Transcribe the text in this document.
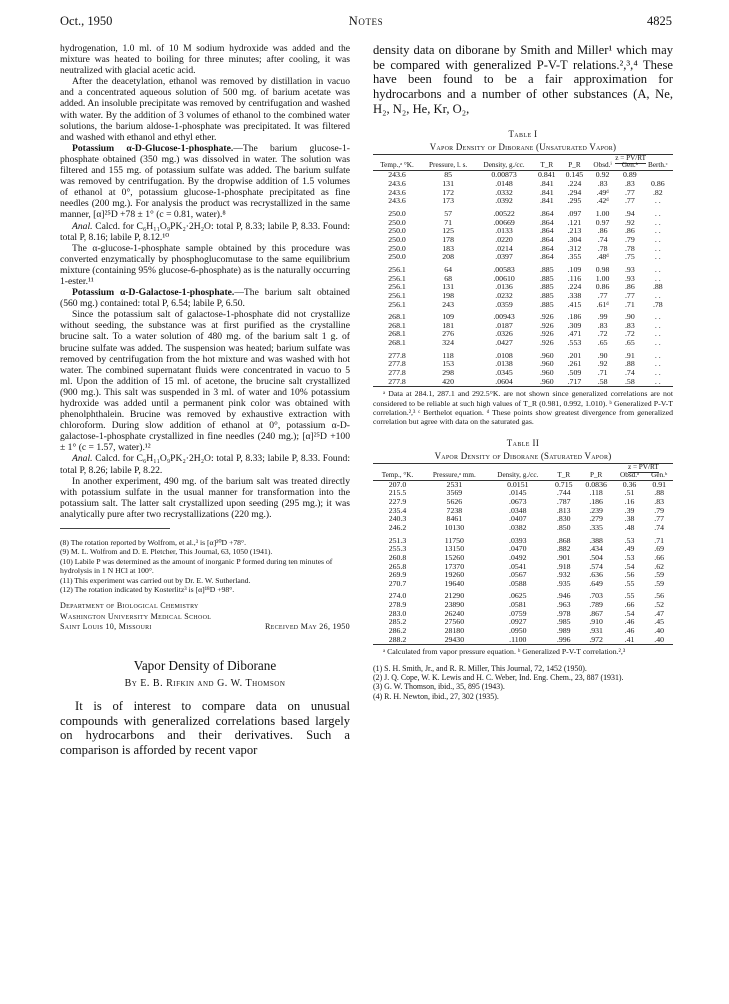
Oct., 1950	Notes	4825

hydrogenation, 1.0 ml. of 10 M sodium hydroxide was added and the mixture was heated to boiling for three minutes; after cooling, it was neutralized with glacial acetic acid.

After the deacetylation, ethanol was removed by distillation in vacuo and a concentrated aqueous solution of 500 mg. of barium acetate was added. An insoluble precipitate was removed by centrifugation and washed with water. By the addition of 3 volumes of ethanol to the combined water solutions, the barium aldose-1-phosphate was precipitated. It was filtered and washed with ethanol and ethyl ether.

Potassium α-D-Glucose-1-phosphate.—The barium glucose-1-phosphate obtained (350 mg.) was dissolved in water. The solution was filtered and 155 mg. of potassium sulfate was added. The barium sulfate was removed by centrifugation. By the dropwise addition of 1.5 volumes of ethanol at 0°, potassium glucose-1-phosphate precipitated as fine needles (200 mg.). For analysis the product was recrystallized in the same manner, [α]²⁵D +78 ± 1° (c = 0.81, water).⁸

Anal. Calcd. for C₆H₁₁O₉PK₂·2H₂O: total P, 8.33; labile P, 8.33. Found: total P, 8.16; labile P, 8.12.¹⁰

The α-glucose-1-phosphate sample obtained by this procedure was converted enzymatically by phosphoglucomutase to the same equilibrium mixture (containing 95% glucose-6-phosphate) as is the naturally occurring 1-ester.¹¹

Potassium α-D-Galactose-1-phosphate.—The barium salt obtained (560 mg.) contained: total P, 6.54; labile P, 6.50.

Since the potassium salt of galactose-1-phosphate did not crystallize without seeding, the substance was at first purified as the crystalline brucine salt. To a water solution of 480 mg. of the barium salt 1 g. of brucine sulfate was added. The suspension was heated; barium sulfate was removed by centrifugation from the hot mixture and was washed with hot water. The combined supernatant fluids were concentrated in vacuo to 5 ml. Upon the addition of 15 ml. of acetone, the brucine salt crystallized (900 mg.). This salt was suspended in 3 ml. of water and 10% potassium hydroxide was added until a permanent pink color was obtained with phenolphthalein. Brucine was removed by exhaustive extraction with chloroform. During slow addition of ethanol at 0°, potassium α-D-galactose-1-phosphate crystallized in fine needles (240 mg.); [α]²⁵D +100 ± 1° (c = 1.57, water).¹²

Anal. Calcd. for C₆H₁₁O₉PK₂·2H₂O: total P, 8.33; labile P, 8.33. Found: total P, 8.26; labile P, 8.22.

In another experiment, 490 mg. of the barium salt was treated directly with potassium sulfate in the usual manner for transformation into the potassium salt. The latter salt crystallized upon seeding (295 mg.); it was analytically pure after two recrystallizations (220 mg.).

(8) The rotation reported by Wolfrom, et al.,³ is [α]²⁰D +78°.

(9) M. L. Wolfrom and D. E. Pletcher, This Journal, 63, 1050 (1941).

(10) Labile P was determined as the amount of inorganic P formed during ten minutes of hydrolysis in 1 N HCl at 100°.

(11) This experiment was carried out by Dr. E. W. Sutherland.

(12) The rotation indicated by Kosterlitz³ is [α]¹⁸D +98°.

Department of Biological Chemistry
Washington University Medical School
Saint Louis 10, Missouri	Received May 26, 1950
Vapor Density of Diborane
By E. B. Rifkin and G. W. Thomson

It is of interest to compare data on unusual compounds with generalized correlations based largely on hydrocarbons and their derivatives. Such a comparison is afforded by recent vapor

density data on diborane by Smith and Miller¹ which may be compared with generalized P-V-T relations.²,³,⁴ These have been found to be a fair approximation for hydrocarbons and a number of other substances (A, Ne, H₂, N₂, He, Kr, O₂,

Table I
Vapor Density of Diborane (Unsaturated Vapor)
					z = PV/RT		
Temp.,ᵃ °K.	Pressure, l. s.	Density, g./cc.	T_R	P_R	Obsd.ⁱ	Gen.ᵇ	Berth.ᶜ
243.6	85	0.00873	0.841	0.145	0.92	0.89	
243.6	131	.0148	.841	.224	.83	.83	0.86
243.6	172	.0332	.841	.294	.49ᵈ	.77	.82
243.6	173	.0392	.841	.295	.42ᵈ	.77	. .
250.0	57	.00522	.864	.097	1.00	.94	. .
250.0	71	.00669	.864	.121	0.97	.92	. .
250.0	125	.0133	.864	.213	.86	.86	. .
250.0	178	.0220	.864	.304	.74	.79	. .
250.0	183	.0214	.864	.312	.78	.78	. .
250.0	208	.0397	.864	.355	.48ᵈ	.75	. .
256.1	64	.00583	.885	.109	0.98	.93	. .
256.1	68	.00610	.885	.116	1.00	.93	. .
256.1	131	.0136	.885	.224	0.86	.86	.88
256.1	198	.0232	.885	.338	.77	.77	. .
256.1	243	.0359	.885	.415	.61ᵈ	.71	.78
268.1	109	.00943	.926	.186	.99	.90	. .
268.1	181	.0187	.926	.309	.83	.83	. .
268.1	276	.0326	.926	.471	.72	.72	. .
268.1	324	.0427	.926	.553	.65	.65	. .
277.8	118	.0108	.960	.201	.90	.91	. .
277.8	153	.0138	.960	.261	.92	.88	. .
277.8	298	.0345	.960	.509	.71	.74	. .
277.8	420	.0604	.960	.717	.58	.58	. .

ᵃ Data at 284.1, 287.1 and 292.5°K. are not shown since generalized correlations are not considered to be reliable at such high values of T_R (0.981, 0.992, 1.010). ᵇ Generalized P-V-T correlation.²,³ ᶜ Berthelot equation. ᵈ These points show greatest divergence from generalized correlation but agree with data on the saturated gas.

Table II
Vapor Density of Diborane (Saturated Vapor)
					z = PV/RT	
Temp., °K.	Pressure,ᵃ mm.	Density, g./cc.	T_R	P_R	Obsd.ᵃ	Gen.ᵇ
207.0	2531	0.0151	0.715	0.0836	0.36	0.91
215.5	3569	.0145	.744	.118	.51	.88
227.9	5626	.0673	.787	.186	.16	.83
235.4	7238	.0348	.813	.239	.39	.79
240.3	8461	.0407	.830	.279	.38	.77
246.2	10130	.0382	.850	.335	.48	.74
251.3	11750	.0393	.868	.388	.53	.71
255.3	13150	.0470	.882	.434	.49	.69
260.8	15260	.0492	.901	.504	.53	.66
265.8	17370	.0541	.918	.574	.54	.62
269.9	19260	.0567	.932	.636	.56	.59
270.7	19640	.0588	.935	.649	.55	.59
274.0	21290	.0625	.946	.703	.55	.56
278.9	23890	.0581	.963	.789	.66	.52
283.0	26240	.0759	.978	.867	.54	.47
285.2	27560	.0927	.985	.910	.46	.45
286.2	28180	.0950	.989	.931	.46	.40
288.2	29430	.1100	.996	.972	.41	.40

ᵃ Calculated from vapor pressure equation. ᵇ Generalized P-V-T correlation.²,³

(1) S. H. Smith, Jr., and R. R. Miller, This Journal, 72, 1452 (1950).

(2) J. Q. Cope, W. K. Lewis and H. C. Weber, Ind. Eng. Chem., 23, 887 (1931).

(3) G. W. Thomson, ibid., 35, 895 (1943).

(4) R. H. Newton, ibid., 27, 302 (1935).
